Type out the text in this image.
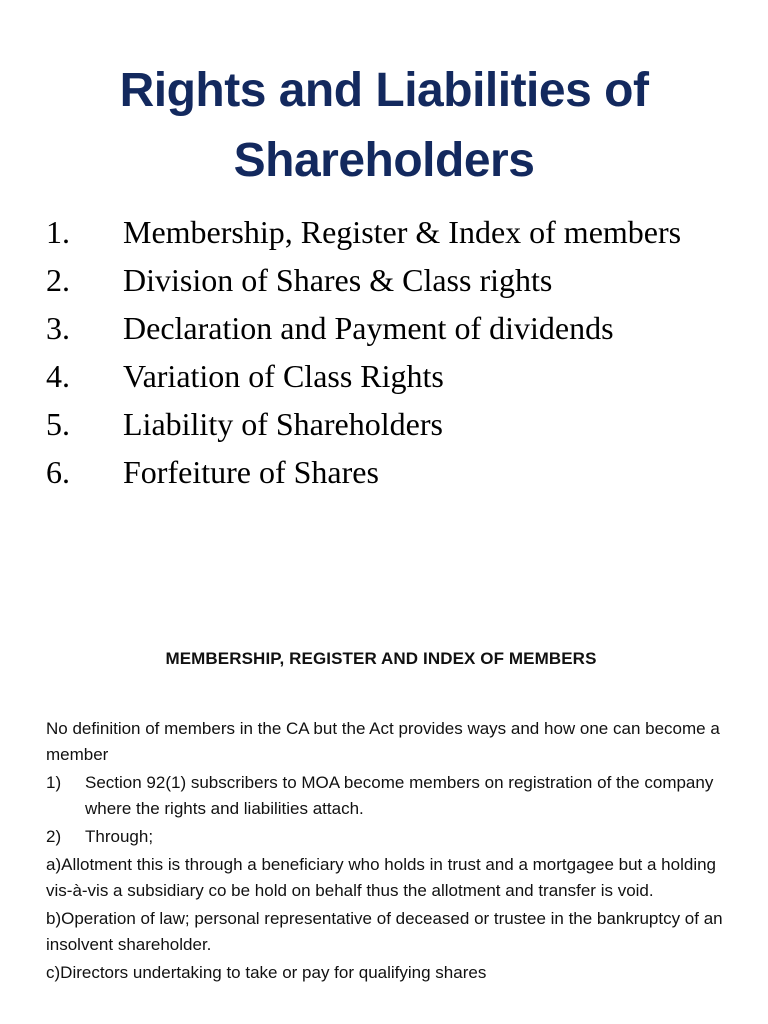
Rights and Liabilities of
Shareholders
1.	Membership, Register & Index of members
2.	Division of Shares & Class rights
3.	Declaration and Payment of dividends
4.	Variation of Class Rights
5.	Liability of Shareholders
6.	Forfeiture of Shares
MEMBERSHIP, REGISTER AND INDEX OF MEMBERS

No definition of members in the CA but the Act provides ways and how one can become a member

1)	Section 92(1) subscribers to MOA become members on registration of the company where the rights and liabilities attach.
2)	Through;

a)Allotment this is through a beneficiary who holds in trust and a mortgagee but a holding vis-à-vis a subsidiary co be hold on behalf thus the allotment and transfer is void.

b)Operation of law; personal representative of deceased or trustee in the bankruptcy of an insolvent shareholder.

c)Directors undertaking to take or pay for qualifying shares
